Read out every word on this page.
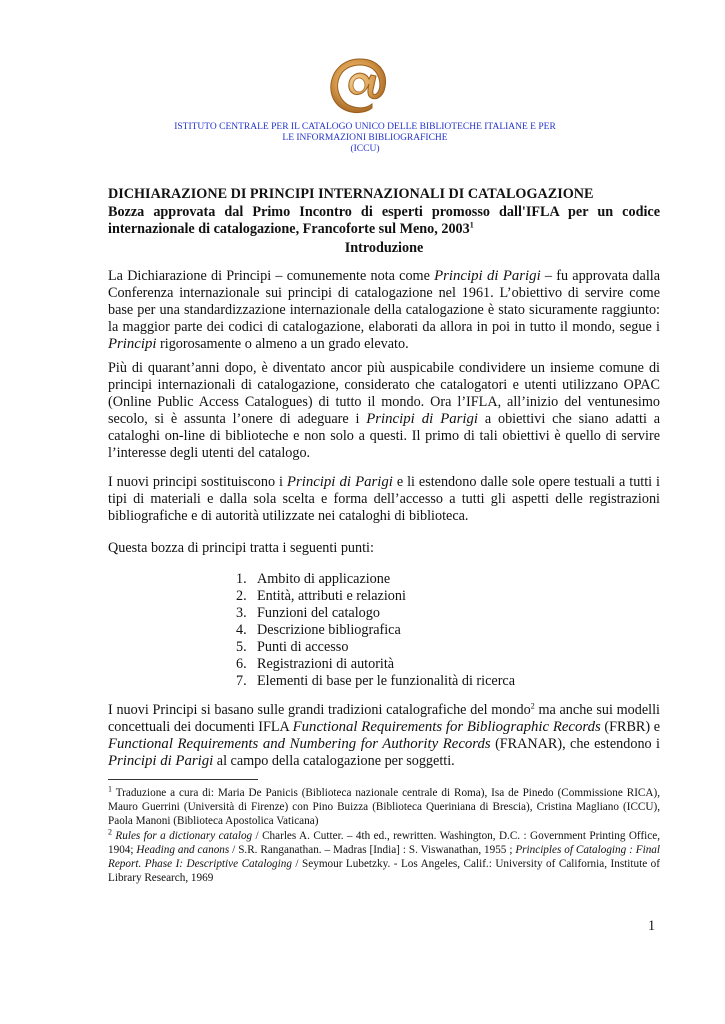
ISTITUTO CENTRALE PER IL CATALOGO UNICO DELLE BIBLIOTECHE ITALIANE E PER
LE INFORMAZIONI BIBLIOGRAFICHE
(ICCU)
DICHIARAZIONE DI PRINCIPI INTERNAZIONALI DI CATALOGAZIONE
Bozza approvata dal Primo Incontro di esperti promosso dall'IFLA per un codice internazionale di catalogazione, Francoforte sul Meno, 2003$^1$
Introduzione

La Dichiarazione di Principi – comunemente nota come Principi di Parigi – fu approvata dalla Conferenza internazionale sui principi di catalogazione nel 1961. L’obiettivo di servire come base per una standardizzazione internazionale della catalogazione è stato sicuramente raggiunto: la maggior parte dei codici di catalogazione, elaborati da allora in poi in tutto il mondo, segue i Principi rigorosamente o almeno a un grado elevato.

Più di quarant’anni dopo, è diventato ancor più auspicabile condividere un insieme comune di principi internazionali di catalogazione, considerato che catalogatori e utenti utilizzano OPAC (Online Public Access Catalogues) di tutto il mondo. Ora l’IFLA, all’inizio del ventunesimo secolo, si è assunta l’onere di adeguare i Principi di Parigi a obiettivi che siano adatti a cataloghi on-line di biblioteche e non solo a questi. Il primo di tali obiettivi è quello di servire l’interesse degli utenti del catalogo.

I nuovi principi sostituiscono i Principi di Parigi e li estendono dalle sole opere testuali a tutti i tipi di materiali e dalla sola scelta e forma dell’accesso a tutti gli aspetti delle registrazioni bibliografiche e di autorità utilizzate nei cataloghi di biblioteca.

Questa bozza di principi tratta i seguenti punti:

1. Ambito di applicazione
2. Entità, attributi e relazioni
3. Funzioni del catalogo
4. Descrizione bibliografica
5. Punti di accesso
6. Registrazioni di autorità
7. Elementi di base per le funzionalità di ricerca

I nuovi Principi si basano sulle grandi tradizioni catalografiche del mondo$^2$ ma anche sui modelli concettuali dei documenti IFLA Functional Requirements for Bibliographic Records (FRBR) e Functional Requirements and Numbering for Authority Records (FRANAR), che estendono i Principi di Parigi al campo della catalogazione per soggetti.

$^1$ Traduzione a cura di: Maria De Panicis (Biblioteca nazionale centrale di Roma), Isa de Pinedo (Commissione RICA), Mauro Guerrini (Università di Firenze) con Pino Buizza (Biblioteca Queriniana di Brescia), Cristina Magliano (ICCU), Paola Manoni (Biblioteca Apostolica Vaticana)

$^2$ Rules for a dictionary catalog / Charles A. Cutter. – 4th ed., rewritten. Washington, D.C. : Government Printing Office, 1904; Heading and canons / S.R. Ranganathan. – Madras [India] : S. Viswanathan, 1955 ; Principles of Cataloging : Final Report. Phase I: Descriptive Cataloging / Seymour Lubetzky. - Los Angeles, Calif.: University of California, Institute of Library Research, 1969

1
